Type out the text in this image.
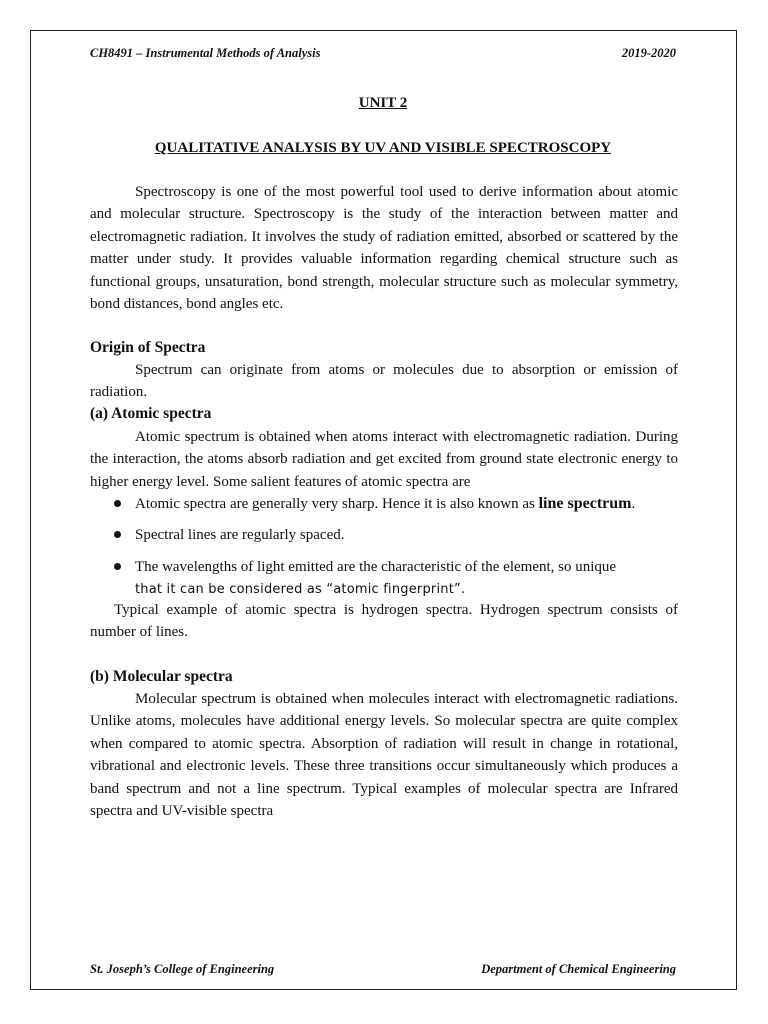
CH8491 – Instrumental Methods of Analysis	2019-2020
UNIT 2
QUALITATIVE ANALYSIS BY UV AND VISIBLE SPECTROSCOPY

Spectroscopy is one of the most powerful tool used to derive information about atomic and molecular structure. Spectroscopy is the study of the interaction between matter and electromagnetic radiation. It involves the study of radiation emitted, absorbed or scattered by the matter under study. It provides valuable information regarding chemical structure such as functional groups, unsaturation, bond strength, molecular structure such as molecular symmetry, bond distances, bond angles etc.

Origin of Spectra

Spectrum can originate from atoms or molecules due to absorption or emission of radiation.

(a) Atomic spectra

Atomic spectrum is obtained when atoms interact with electromagnetic radiation. During the interaction, the atoms absorb radiation and get excited from ground state electronic energy to higher energy level. Some salient features of atomic spectra are

Atomic spectra are generally very sharp. Hence it is also known as line spectrum.

Spectral lines are regularly spaced.

The wavelengths of light emitted are the characteristic of the element, so unique
that it can be considered as “atomic fingerprint”.

Typical example of atomic spectra is hydrogen spectra. Hydrogen spectrum consists of number of lines.

(b) Molecular spectra

Molecular spectrum is obtained when molecules interact with electromagnetic radiations. Unlike atoms, molecules have additional energy levels. So molecular spectra are quite complex when compared to atomic spectra. Absorption of radiation will result in change in rotational, vibrational and electronic levels. These three transitions occur simultaneously which produces a band spectrum and not a line spectrum. Typical examples of molecular spectra are Infrared spectra and UV-visible spectra

St. Joseph’s College of Engineering	Department of Chemical Engineering
